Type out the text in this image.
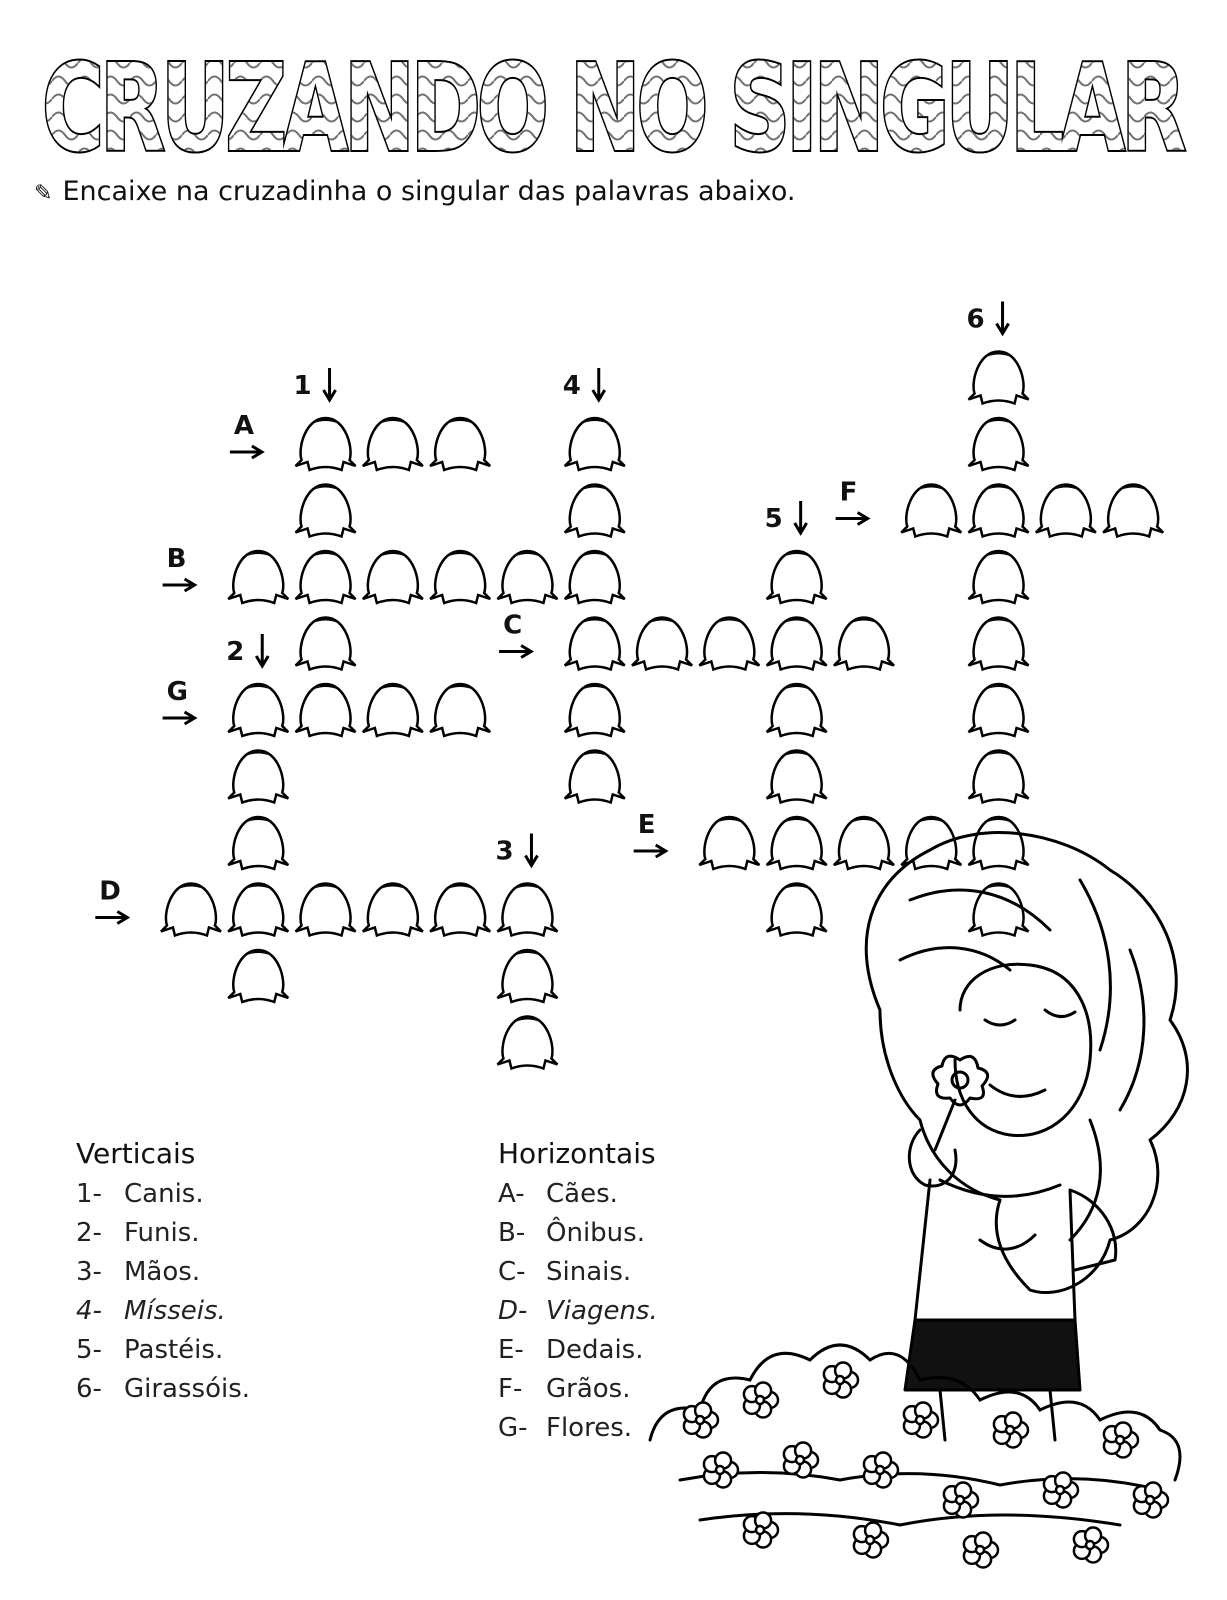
CRUZANDO NO SINGULAR
CRUZANDO NO SINGULAR
✎ Encaixe na cruzadinha o singular das palavras abaixo.
A
B
C
D
E
F
G
1
2
3
4
5
6
Verticais
1- Canis.
2- Funis.
3- Mãos.
4- Mísseis.
5- Pastéis.
6- Girassóis.
Horizontais
A- Cães.
B- Ônibus.
C- Sinais.
D- Viagens.
E- Dedais.
F- Grãos.
G- Flores.
